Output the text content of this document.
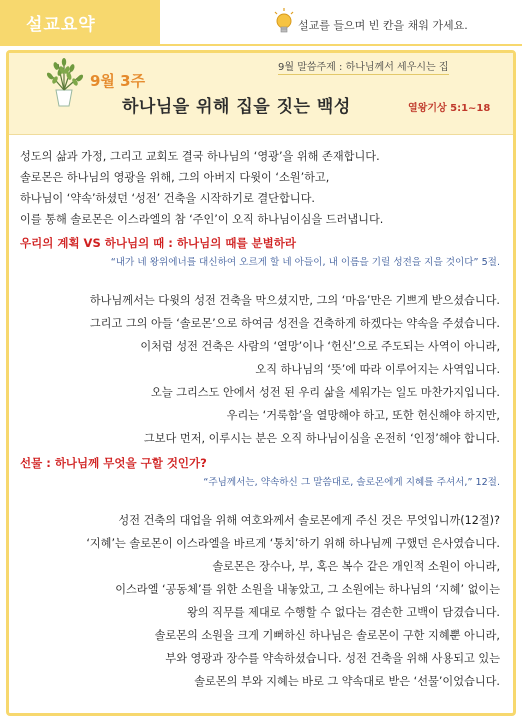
설교요약	설교를 들으며 빈 칸을 채워 가세요.
9월 3주
9월 말씀주제 : 하나님께서 세우시는 집
하나님을 위해 집을 짓는 백성	열왕기상 5:1~18
성도의 삶과 가정, 그리고 교회도 결국 하나님의 ‘영광’을 위해 존재합니다.
솔로몬은 하나님의 영광을 위해, 그의 아버지 다윗이 ‘소원’하고,
하나님이 ‘약속’하셨던 ‘성전’ 건축을 시작하기로 결단합니다.
이를 통해 솔로몬은 이스라엘의 참 ‘주인’이 오직 하나님이심을 드러냅니다.
우리의 계획 VS 하나님의 때 : 하나님의 때를 분별하라
“내가 네 왕위에너를 대신하여 오르게 할 네 아들이, 내 이름을 기릴 성전을 지을 것이다” 5절.
하나님께서는 다윗의 성전 건축을 막으셨지만, 그의 ‘마음’만은 기쁘게 받으셨습니다.
그리고 그의 아들 ‘솔로몬’으로 하여금 성전을 건축하게 하겠다는 약속을 주셨습니다.
이처럼 성전 건축은 사람의 ‘열망’이나 ‘헌신’으로 주도되는 사역이 아니라,
오직 하나님의 ‘뜻’에 따라 이루어지는 사역입니다.
오늘 그리스도 안에서 성전 된 우리 삶을 세워가는 일도 마찬가지입니다.
우리는 ‘거룩함’을 열망해야 하고, 또한 헌신해야 하지만,
그보다 먼저, 이루시는 분은 오직 하나님이심을 온전히 ‘인정’해야 합니다.
선물 : 하나님께 무엇을 구할 것인가?
“주님께서는, 약속하신 그 말씀대로, 솔로몬에게 지혜를 주셔서,” 12절.
성전 건축의 대업을 위해 여호와께서 솔로몬에게 주신 것은 무엇입니까(12절)?
‘지혜’는 솔로몬이 이스라엘을 바르게 ‘통치’하기 위해 하나님께 구했던 은사였습니다.
솔로몬은 장수나, 부, 혹은 복수 같은 개인적 소원이 아니라,
이스라엘 ‘공동체’를 위한 소원을 내놓았고, 그 소원에는 하나님의 ‘지혜’ 없이는
왕의 직무를 제대로 수행할 수 없다는 겸손한 고백이 담겼습니다.
솔로몬의 소원을 크게 기뻐하신 하나님은 솔로몬이 구한 지혜뿐 아니라,
부와 영광과 장수를 약속하셨습니다. 성전 건축을 위해 사용되고 있는
솔로몬의 부와 지혜는 바로 그 약속대로 받은 ‘선물’이었습니다.
